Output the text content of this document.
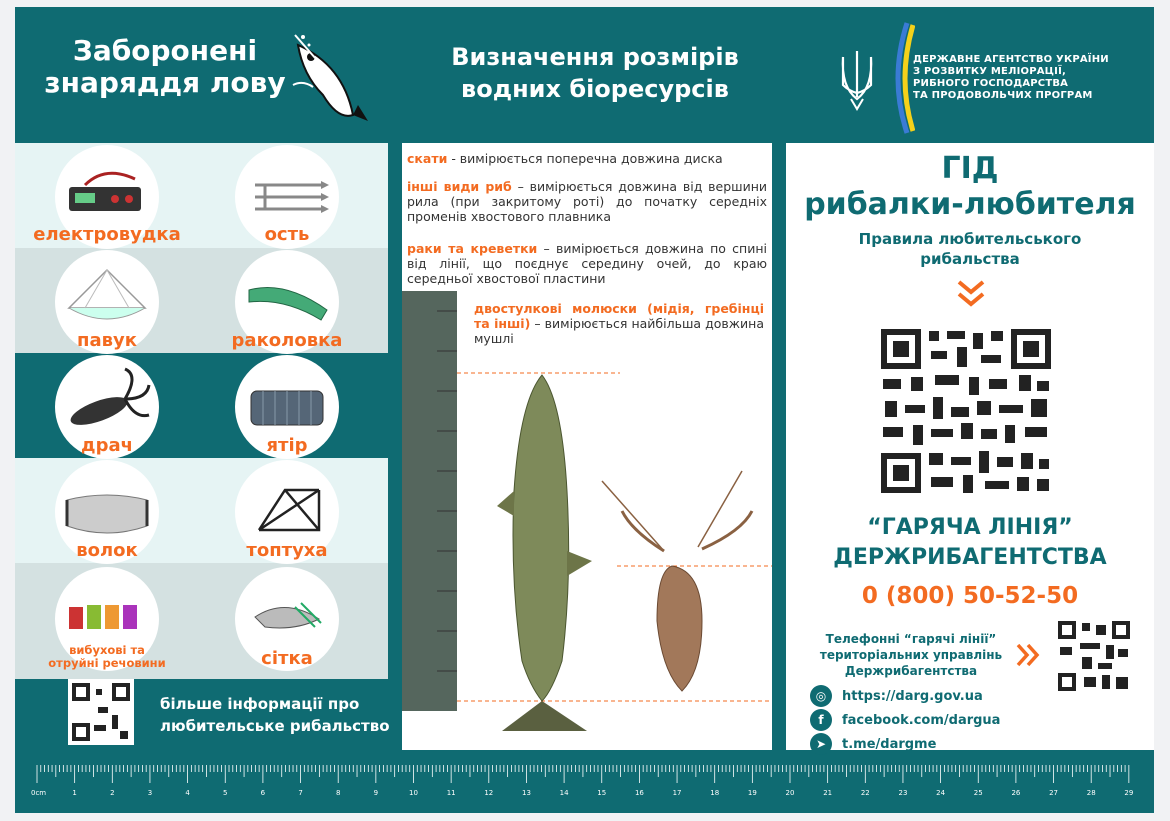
Заборонені
знаряддя лову
Визначення розмірів
водних біоресурсів
ДЕРЖАВНЕ АГЕНТСТВО УКРАЇНИ
З РОЗВИТКУ МЕЛІОРАЦІЇ,
РИБНОГО ГОСПОДАРСТВА
ТА ПРОДОВОЛЬЧИХ ПРОГРАМ
електровудка	ость
павук	раколовка
драч	ятір
волок	топтуха
вибухові та
отруйні речовини	сітка
більше інформації про
любительське рибальство
скати - вимірюється поперечна довжина диска
інші види риб – вимірюється довжина від вершини рила (при закритому роті) до початку середніх променів хвостового плавника
раки та креветки – вимірюється довжина по спині від лінії, що поєднує середину очей, до краю середньої хвостової пластини
двостулкові молюски (мідія, гребінці та інші) – вимірюється найбільша довжина мушлі
ГІД
рибалки-любителя
Правила любительського
рибальства
“ГАРЯЧА ЛІНІЯ”
ДЕРЖРИБАГЕНТСТВА
0 (800) 50-52-50
Телефонні “гарячі лінії”
територіальних управлінь
Держрибагентства
◎	https://darg.gov.ua
f	facebook.com/dargua
➤	t.me/dargme
0cm	1	2	3	4	5	6	7	8	9	10	11	12	13	14	15	16	17	18	19	20	21	22	23	24	25	26	27	28	29
